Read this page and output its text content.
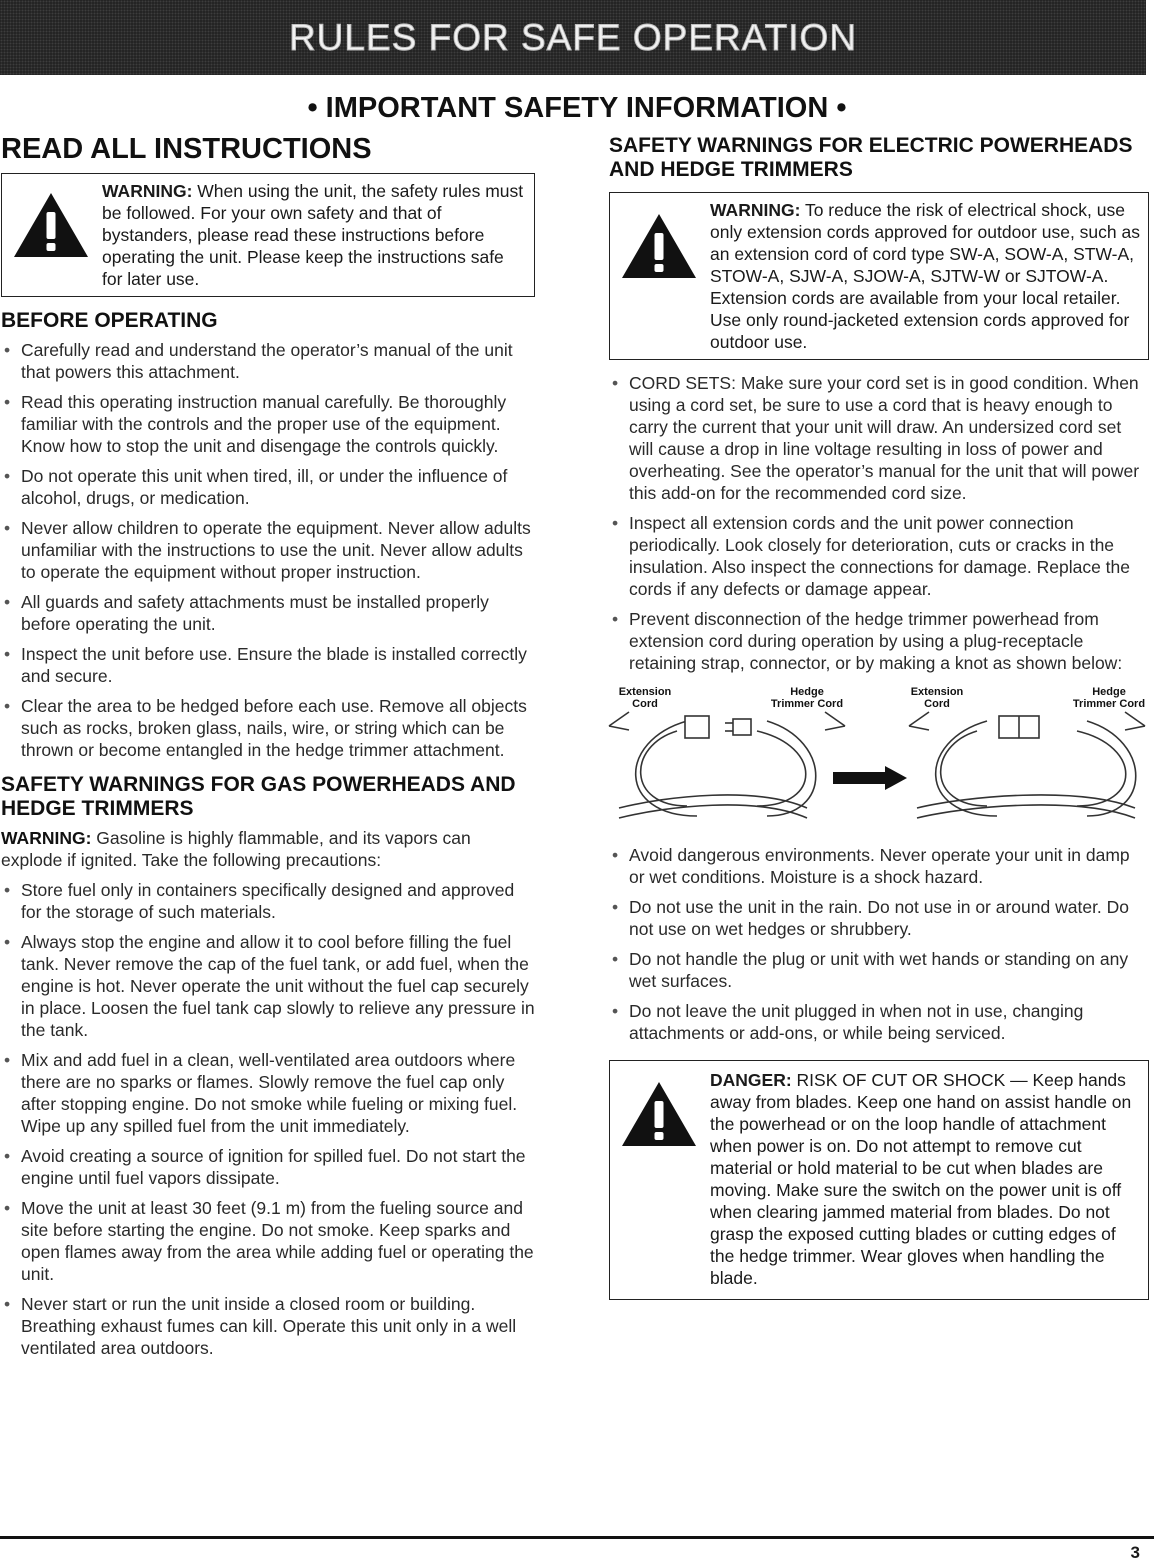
RULES FOR SAFE OPERATION
• IMPORTANT SAFETY INFORMATION •
READ ALL INSTRUCTIONS
WARNING: When using the unit, the safety rules must be followed. For your own safety and that of bystanders, please read these instructions before operating the unit. Please keep the instructions safe for later use.
BEFORE OPERATING
• Carefully read and understand the operator’s manual of the unit that powers this attachment.
• Read this operating instruction manual carefully. Be thoroughly familiar with the controls and the proper use of the equipment. Know how to stop the unit and disengage the controls quickly.
• Do not operate this unit when tired, ill, or under the influence of alcohol, drugs, or medication.
• Never allow children to operate the equipment. Never allow adults unfamiliar with the instructions to use the unit. Never allow adults to operate the equipment without proper instruction.
• All guards and safety attachments must be installed properly before operating the unit.
• Inspect the unit before use. Ensure the blade is installed correctly and secure.
• Clear the area to be hedged before each use. Remove all objects such as rocks, broken glass, nails, wire, or string which can be thrown or become entangled in the hedge trimmer attachment.
SAFETY WARNINGS FOR GAS POWERHEADS AND HEDGE TRIMMERS

WARNING: Gasoline is highly flammable, and its vapors can explode if ignited. Take the following precautions:

• Store fuel only in containers specifically designed and approved for the storage of such materials.
• Always stop the engine and allow it to cool before filling the fuel tank. Never remove the cap of the fuel tank, or add fuel, when the engine is hot. Never operate the unit without the fuel cap securely in place. Loosen the fuel tank cap slowly to relieve any pressure in the tank.
• Mix and add fuel in a clean, well-ventilated area outdoors where there are no sparks or flames. Slowly remove the fuel cap only after stopping engine. Do not smoke while fueling or mixing fuel. Wipe up any spilled fuel from the unit immediately.
• Avoid creating a source of ignition for spilled fuel. Do not start the engine until fuel vapors dissipate.
• Move the unit at least 30 feet (9.1 m) from the fueling source and site before starting the engine. Do not smoke. Keep sparks and open flames away from the area while adding fuel or operating the unit.
• Never start or run the unit inside a closed room or building. Breathing exhaust fumes can kill. Operate this unit only in a well ventilated area outdoors.
SAFETY WARNINGS FOR ELECTRIC POWERHEADS AND HEDGE TRIMMERS
WARNING: To reduce the risk of electrical shock, use only extension cords approved for outdoor use, such as an extension cord of cord type SW-A, SOW-A, STW-A, STOW-A, SJW-A, SJOW-A, SJTW-W or SJTOW-A. Extension cords are available from your local retailer. Use only round-jacketed extension cords approved for outdoor use.
• CORD SETS: Make sure your cord set is in good condition. When using a cord set, be sure to use a cord that is heavy enough to carry the current that your unit will draw. An undersized cord set will cause a drop in line voltage resulting in loss of power and overheating. See the operator’s manual for the unit that will power this add-on for the recommended cord size.
• Inspect all extension cords and the unit power connection periodically. Look closely for deterioration, cuts or cracks in the insulation. Also inspect the connections for damage. Replace the cords if any defects or damage appear.
• Prevent disconnection of the hedge trimmer powerhead from extension cord during operation by using a plug-receptacle retaining strap, connector, or by making a knot as shown below:
Extension Cord
Hedge Trimmer Cord
Extension Cord
Hedge Trimmer Cord
• Avoid dangerous environments. Never operate your unit in damp or wet conditions. Moisture is a shock hazard.
• Do not use the unit in the rain. Do not use in or around water. Do not use on wet hedges or shrubbery.
• Do not handle the plug or unit with wet hands or standing on any wet surfaces.
• Do not leave the unit plugged in when not in use, changing attachments or add-ons, or while being serviced.
DANGER: RISK OF CUT OR SHOCK — Keep hands away from blades. Keep one hand on assist handle on the powerhead or on the loop handle of attachment when power is on. Do not attempt to remove cut material or hold material to be cut when blades are moving. Make sure the switch on the power unit is off when clearing jammed material from blades. Do not grasp the exposed cutting blades or cutting edges of the hedge trimmer. Wear gloves when handling the blade.
3
